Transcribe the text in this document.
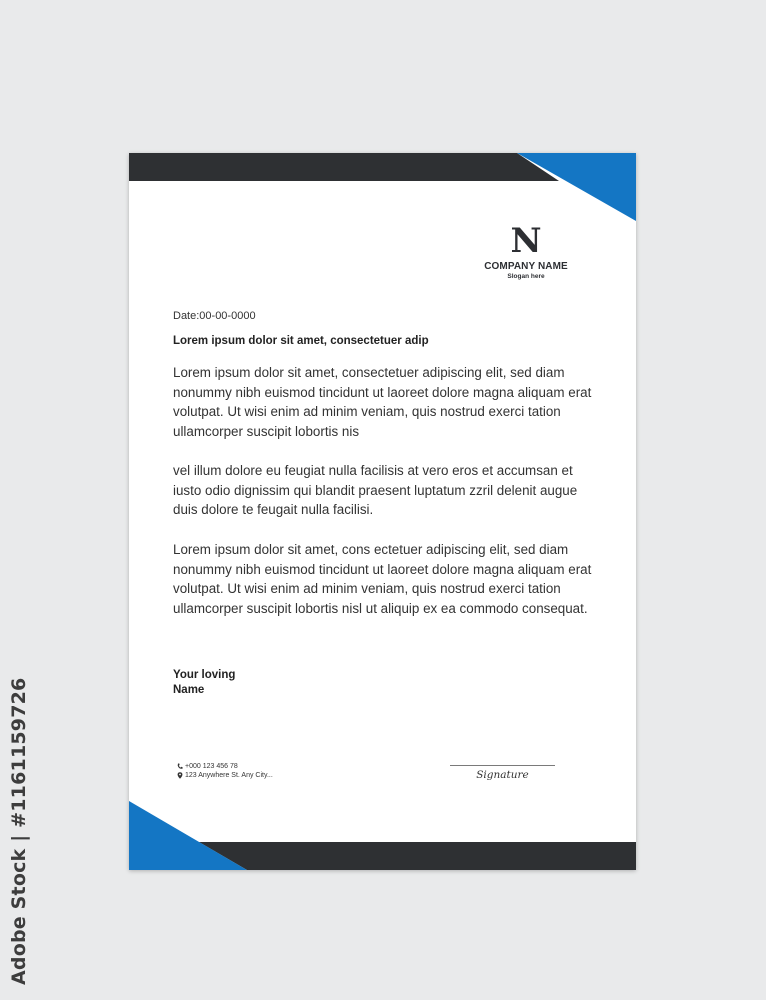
Adobe Stock | #1161159726
N
COMPANY NAME
Slogan here
Date:00-00-0000
Lorem ipsum dolor sit amet, consectetuer adip

Lorem ipsum dolor sit amet, consectetuer adipiscing elit, sed diam nonummy nibh euismod tincidunt ut laoreet dolore magna aliquam erat volutpat. Ut wisi enim ad minim veniam, quis nostrud exerci tation ullamcorper suscipit lobortis nis

vel illum dolore eu feugiat nulla facilisis at vero eros et accumsan et iusto odio dignissim qui blandit praesent luptatum zzril delenit augue duis dolore te feugait nulla facilisi.

Lorem ipsum dolor sit amet, cons ectetuer adipiscing elit, sed diam nonummy nibh euismod tincidunt ut laoreet dolore magna aliquam erat volutpat. Ut wisi enim ad minim veniam, quis nostrud exerci tation ullamcorper suscipit lobortis nisl ut aliquip ex ea commodo consequat.

Your loving
Name
+000 123 456 78
123 Anywhere St. Any City...	Signature
